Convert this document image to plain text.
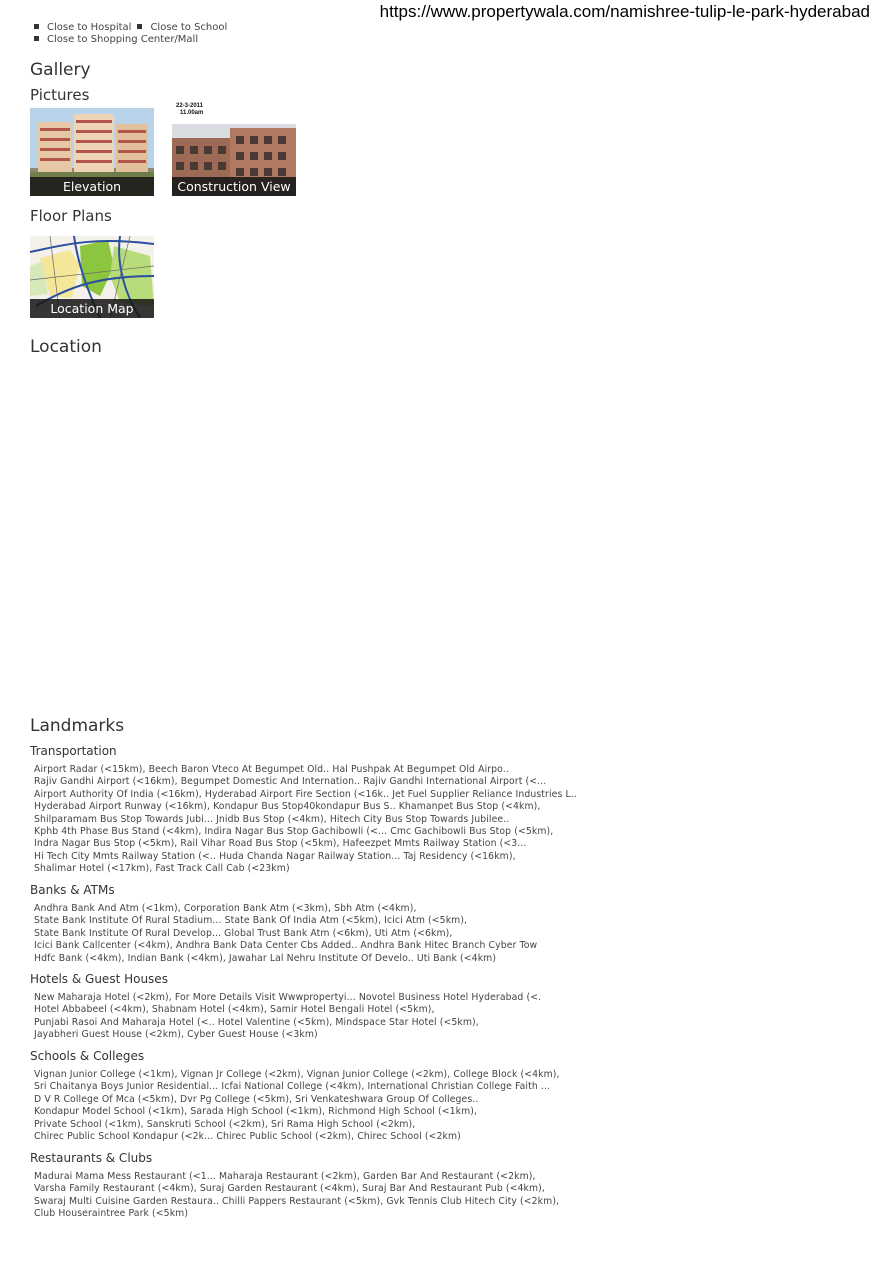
https://www.propertywala.com/namishree-tulip-le-park-hyderabad
Close to Hospital Close to School
Close to Shopping Center/Mall
Gallery
Pictures
Elevation
22-3-2011
11.00am
Construction View
Floor Plans
Location Map
Location
Landmarks
Transportation

Airport Radar (<15km), Beech Baron Vteco At Begumpet Old.. Hal Pushpak At Begumpet Old Airpo..
Rajiv Gandhi Airport (<16km), Begumpet Domestic And Internation.. Rajiv Gandhi International Airport (<...
Airport Authority Of India (<16km), Hyderabad Airport Fire Section (<16k.. Jet Fuel Supplier Reliance Industries L..
Hyderabad Airport Runway (<16km), Kondapur Bus Stop40kondapur Bus S.. Khamanpet Bus Stop (<4km),
Shilparamam Bus Stop Towards Jubi... Jnidb Bus Stop (<4km), Hitech City Bus Stop Towards Jubilee..
Kphb 4th Phase Bus Stand (<4km), Indira Nagar Bus Stop Gachibowli (<... Cmc Gachibowli Bus Stop (<5km),
Indra Nagar Bus Stop (<5km), Rail Vihar Road Bus Stop (<5km), Hafeezpet Mmts Railway Station (<3...
Hi Tech City Mmts Railway Station (<.. Huda Chanda Nagar Railway Station... Taj Residency (<16km),
Shalimar Hotel (<17km), Fast Track Call Cab (<23km)

Banks & ATMs

Andhra Bank And Atm (<1km), Corporation Bank Atm (<3km), Sbh Atm (<4km),
State Bank Institute Of Rural Stadium... State Bank Of India Atm (<5km), Icici Atm (<5km),
State Bank Institute Of Rural Develop... Global Trust Bank Atm (<6km), Uti Atm (<6km),
Icici Bank Callcenter (<4km), Andhra Bank Data Center Cbs Added.. Andhra Bank Hitec Branch Cyber Tow
Hdfc Bank (<4km), Indian Bank (<4km), Jawahar Lal Nehru Institute Of Develo.. Uti Bank (<4km)

Hotels & Guest Houses

New Maharaja Hotel (<2km), For More Details Visit Wwwpropertyi... Novotel Business Hotel Hyderabad (<.
Hotel Abbabeel (<4km), Shabnam Hotel (<4km), Samir Hotel Bengali Hotel (<5km),
Punjabi Rasoi And Maharaja Hotel (<.. Hotel Valentine (<5km), Mindspace Star Hotel (<5km),
Jayabheri Guest House (<2km), Cyber Guest House (<3km)

Schools & Colleges

Vignan Junior College (<1km), Vignan Jr College (<2km), Vignan Junior College (<2km), College Block (<4km),
Sri Chaitanya Boys Junior Residential... Icfai National College (<4km), International Christian College Faith ...
D V R College Of Mca (<5km), Dvr Pg College (<5km), Sri Venkateshwara Group Of Colleges..
Kondapur Model School (<1km), Sarada High School (<1km), Richmond High School (<1km),
Private School (<1km), Sanskruti School (<2km), Sri Rama High School (<2km),
Chirec Public School Kondapur (<2k... Chirec Public School (<2km), Chirec School (<2km)

Restaurants & Clubs

Madurai Mama Mess Restaurant (<1... Maharaja Restaurant (<2km), Garden Bar And Restaurant (<2km),
Varsha Family Restaurant (<4km), Suraj Garden Restaurant (<4km), Suraj Bar And Restaurant Pub (<4km),
Swaraj Multi Cuisine Garden Restaura.. Chilli Pappers Restaurant (<5km), Gvk Tennis Club Hitech City (<2km),
Club Houseraintree Park (<5km)
